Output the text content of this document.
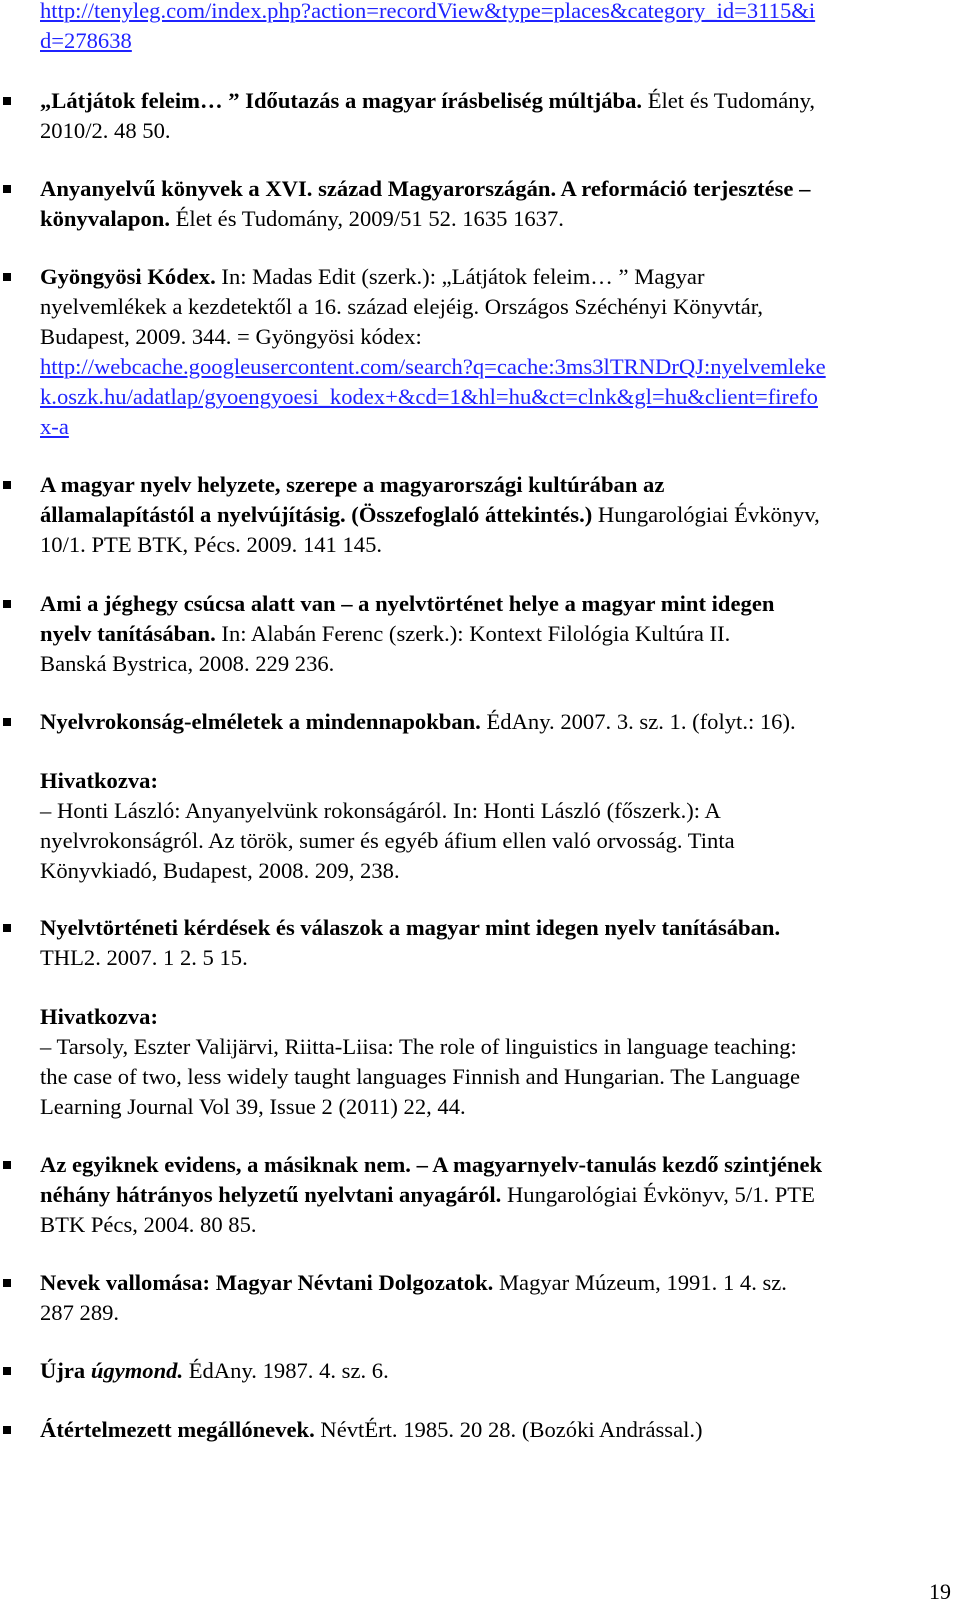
http://tenyleg.com/index.php?action=recordView&type=places&category_id=3115&i
d=278638
„Látjátok feleim… ” Időutazás a magyar írásbeliség múltjába. Élet és Tudomány,
2010/2. 48 50.
Anyanyelvű könyvek a XVI. század Magyarországán. A reformáció terjesztése –
könyvalapon. Élet és Tudomány, 2009/51 52. 1635 1637.
Gyöngyösi Kódex. In: Madas Edit (szerk.): „Látjátok feleim… ” Magyar
nyelvemlékek a kezdetektől a 16. század elejéig. Országos Széchényi Könyvtár,
Budapest, 2009. 344. = Gyöngyösi kódex:
http://webcache.googleusercontent.com/search?q=cache:3ms3lTRNDrQJ:nyelvemleke
k.oszk.hu/adatlap/gyoengyoesi_kodex+&cd=1&hl=hu&ct=clnk&gl=hu&client=firefo
x-a
A magyar nyelv helyzete, szerepe a magyarországi kultúrában az
államalapítástól a nyelvújításig. (Összefoglaló áttekintés.) Hungarológiai Évkönyv,
10/1. PTE BTK, Pécs. 2009. 141 145.
Ami a jéghegy csúcsa alatt van – a nyelvtörténet helye a magyar mint idegen
nyelv tanításában. In: Alabán Ferenc (szerk.): Kontext Filológia Kultúra II.
Banská Bystrica, 2008. 229 236.
Nyelvrokonság-elméletek a mindennapokban. ÉdAny. 2007. 3. sz. 1. (folyt.: 16).
Hivatkozva:
– Honti László: Anyanyelvünk rokonságáról. In: Honti László (főszerk.): A
nyelvrokonságról. Az török, sumer és egyéb áfium ellen való orvosság. Tinta
Könyvkiadó, Budapest, 2008. 209, 238.
Nyelvtörténeti kérdések és válaszok a magyar mint idegen nyelv tanításában.
THL2. 2007. 1 2. 5 15.
Hivatkozva:
– Tarsoly, Eszter Valijärvi, Riitta-Liisa: The role of linguistics in language teaching:
the case of two, less widely taught languages Finnish and Hungarian. The Language
Learning Journal Vol 39, Issue 2 (2011) 22, 44.
Az egyiknek evidens, a másiknak nem. – A magyarnyelv-tanulás kezdő szintjének
néhány hátrányos helyzetű nyelvtani anyagáról. Hungarológiai Évkönyv, 5/1. PTE
BTK Pécs, 2004. 80 85.
Nevek vallomása: Magyar Névtani Dolgozatok. Magyar Múzeum, 1991. 1 4. sz.
287 289.
Újra úgymond. ÉdAny. 1987. 4. sz. 6.
Átértelmezett megállónevek. NévtÉrt. 1985. 20 28. (Bozóki Andrással.)
19
